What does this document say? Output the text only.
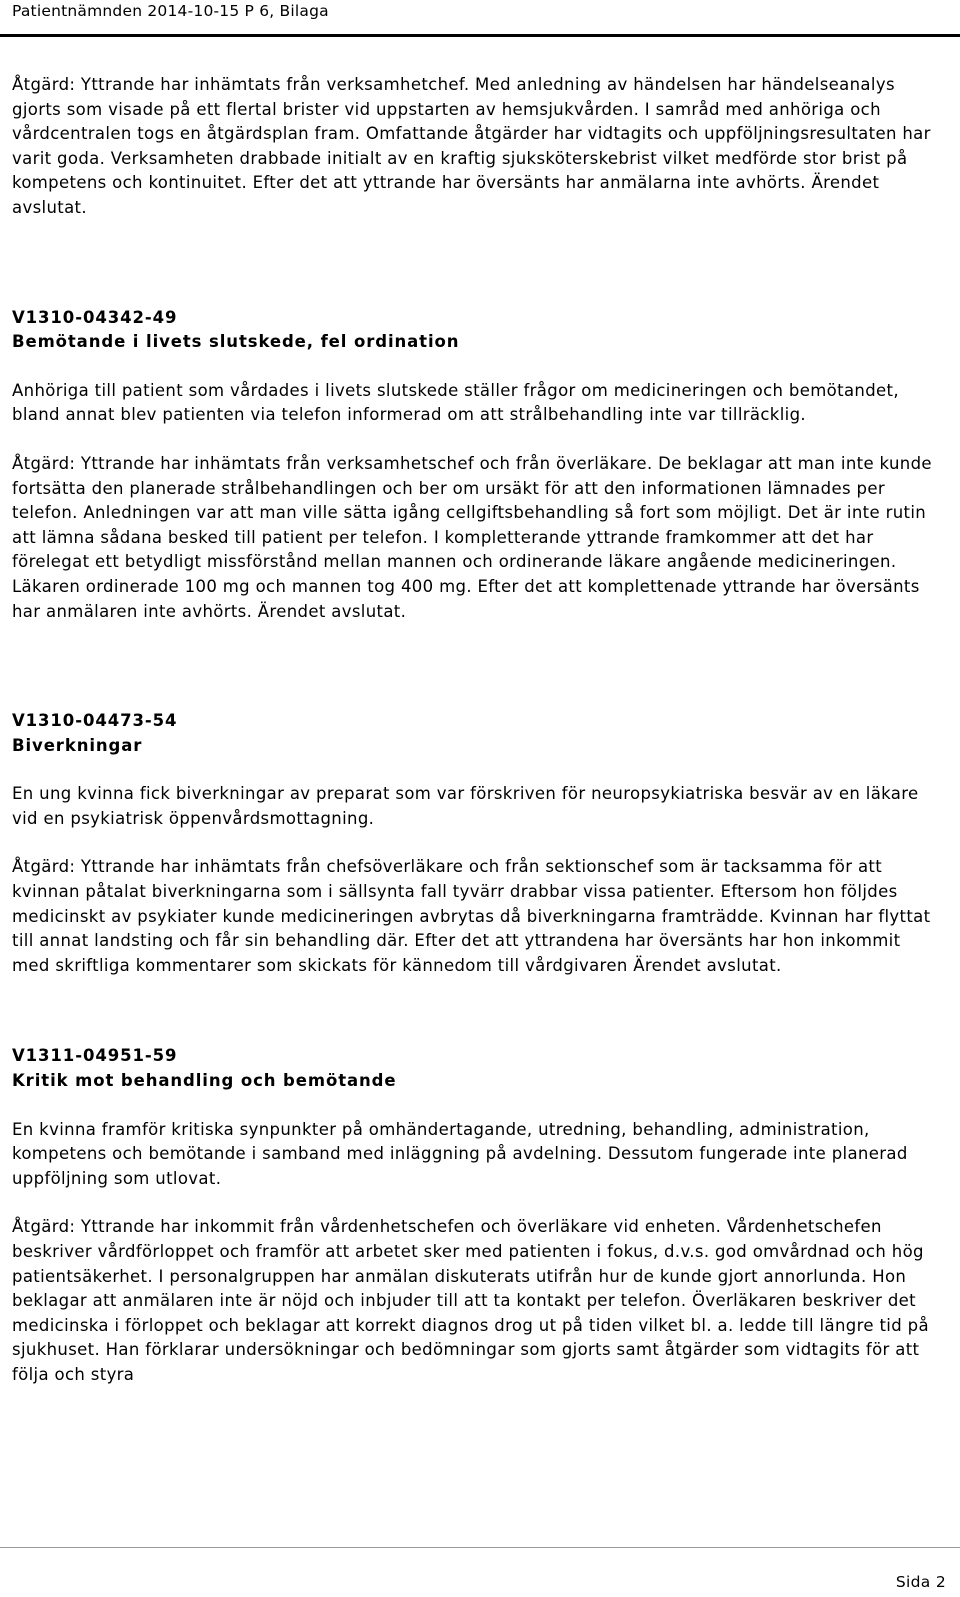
Patientnämnden 2014-10-15 P 6, Bilaga

Åtgärd: Yttrande har inhämtats från verksamhetchef. Med anledning av händelsen har händelseanalys gjorts som visade på ett flertal brister vid uppstarten av hemsjukvården. I samråd med anhöriga och vårdcentralen togs en åtgärdsplan fram. Omfattande åtgärder har vidtagits och uppföljningsresultaten har varit goda. Verksamheten drabbade initialt av en kraftig sjuksköterskebrist vilket medförde stor brist på kompetens och kontinuitet. Efter det att yttrande har översänts har anmälarna inte avhörts. Ärendet avslutat.

V1310-04342-49

Bemötande i livets slutskede, fel ordination

Anhöriga till patient som vårdades i livets slutskede ställer frågor om medicineringen och bemötandet, bland annat blev patienten via telefon informerad om att strålbehandling inte var tillräcklig.

Åtgärd: Yttrande har inhämtats från verksamhetschef och från överläkare. De beklagar att man inte kunde fortsätta den planerade strålbehandlingen och ber om ursäkt för att den informationen lämnades per telefon. Anledningen var att man ville sätta igång cellgiftsbehandling så fort som möjligt. Det är inte rutin att lämna sådana besked till patient per telefon. I kompletterande yttrande framkommer att det har förelegat ett betydligt missförstånd mellan mannen och ordinerande läkare angående medicineringen. Läkaren ordinerade 100 mg och mannen tog 400 mg. Efter det att komplettenade yttrande har översänts har anmälaren inte avhörts. Ärendet avslutat.

V1310-04473-54

Biverkningar

En ung kvinna fick biverkningar av preparat som var förskriven för neuropsykiatriska besvär av en läkare vid en psykiatrisk öppenvårdsmottagning.

Åtgärd: Yttrande har inhämtats från chefsöverläkare och från sektionschef som är tacksamma för att kvinnan påtalat biverkningarna som i sällsynta fall tyvärr drabbar vissa patienter. Eftersom hon följdes medicinskt av psykiater kunde medicineringen avbrytas då biverkningarna framträdde. Kvinnan har flyttat till annat landsting och får sin behandling där. Efter det att yttrandena har översänts har hon inkommit med skriftliga kommentarer som skickats för kännedom till vårdgivaren Ärendet avslutat.

V1311-04951-59

Kritik mot behandling och bemötande

En kvinna framför kritiska synpunkter på omhändertagande, utredning, behandling, administration, kompetens och bemötande i samband med inläggning på avdelning. Dessutom fungerade inte planerad uppföljning som utlovat.

Åtgärd: Yttrande har inkommit från vårdenhetschefen och överläkare vid enheten. Vårdenhetschefen beskriver vårdförloppet och framför att arbetet sker med patienten i fokus, d.v.s. god omvårdnad och hög patientsäkerhet. I personalgruppen har anmälan diskuterats utifrån hur de kunde gjort annorlunda. Hon beklagar att anmälaren inte är nöjd och inbjuder till att ta kontakt per telefon. Överläkaren beskriver det medicinska i förloppet och beklagar att korrekt diagnos drog ut på tiden vilket bl. a. ledde till längre tid på sjukhuset. Han förklarar undersökningar och bedömningar som gjorts samt åtgärder som vidtagits för att följa och styra

Sida 2
